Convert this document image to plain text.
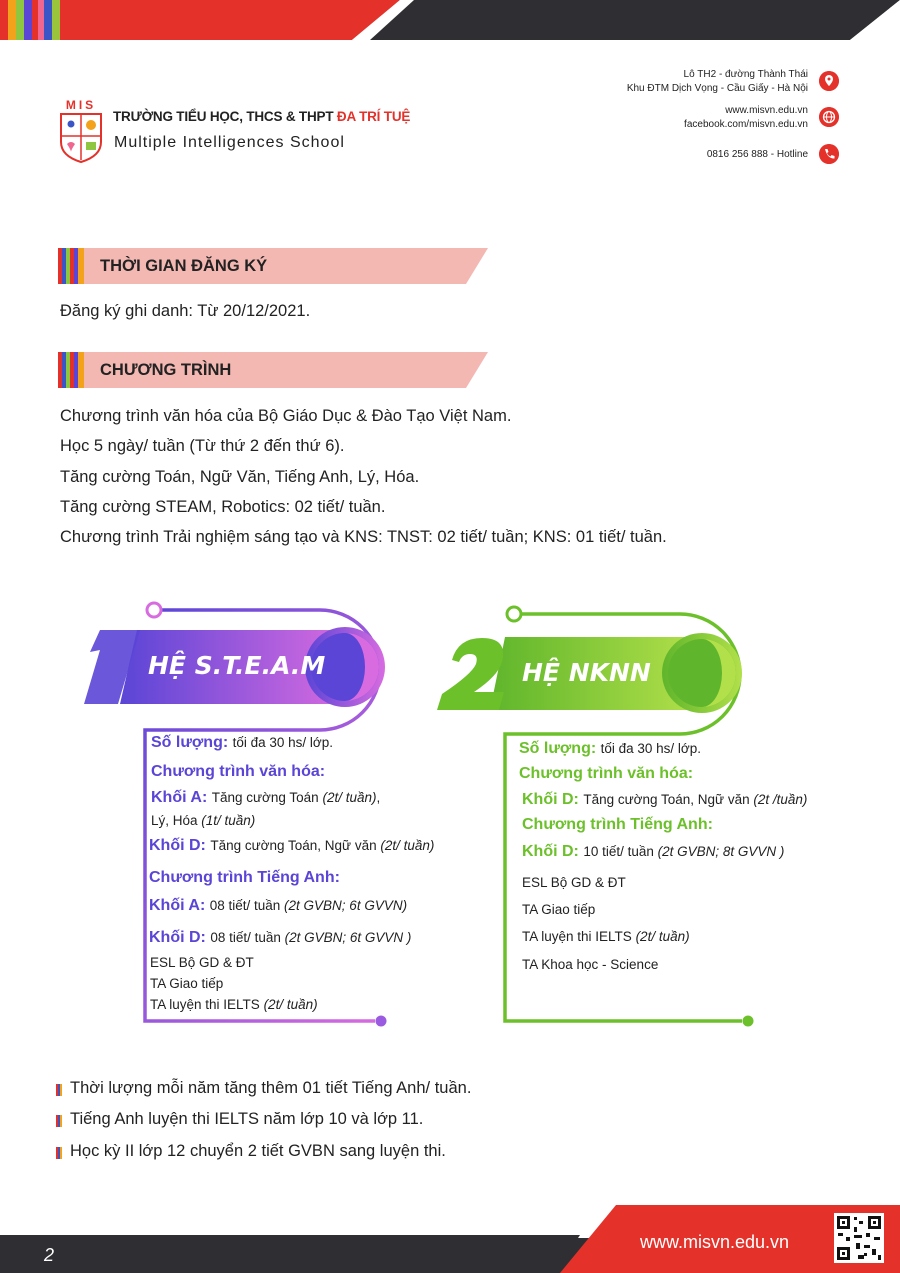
MIS
TRƯỜNG TIỂU HỌC, THCS & THPT ĐA TRÍ TUỆ
Multiple Intelligences School
Lô TH2 - đường Thành Thái
Khu ĐTM Dịch Vọng - Cầu Giấy - Hà Nội
www.misvn.edu.vn
facebook.com/misvn.edu.vn
0816 256 888 - Hotline
THỜI GIAN ĐĂNG KÝ
Đăng ký ghi danh: Từ 20/12/2021.
CHƯƠNG TRÌNH
Chương trình văn hóa của Bộ Giáo Dục & Đào Tạo Việt Nam.
Học 5 ngày/ tuần (Từ thứ 2 đến thứ 6).
Tăng cường Toán, Ngữ Văn, Tiếng Anh, Lý, Hóa.
Tăng cường STEAM, Robotics: 02 tiết/ tuần.
Chương trình Trải nghiệm sáng tạo và KNS: TNST: 02 tiết/ tuần; KNS: 01 tiết/ tuần.
HỆ S.T.E.A.M	HỆ NKNN
Số lượng: tối đa 30 hs/ lớp.
Chương trình văn hóa:
Khối A: Tăng cường Toán (2t/ tuần),
Lý, Hóa (1t/ tuần)
Khối D: Tăng cường Toán, Ngữ văn (2t/ tuần)
Chương trình Tiếng Anh:
Khối A: 08 tiết/ tuần (2t GVBN; 6t GVVN)
Khối D: 08 tiết/ tuần (2t GVBN; 6t GVVN )
ESL Bộ GD & ĐT
TA Giao tiếp
TA luyện thi IELTS (2t/ tuần)
Số lượng: tối đa 30 hs/ lớp.
Chương trình văn hóa:
Khối D: Tăng cường Toán, Ngữ văn (2t /tuần)
Chương trình Tiếng Anh:
Khối D: 10 tiết/ tuần (2t GVBN; 8t GVVN )
ESL Bộ GD & ĐT
TA Giao tiếp
TA luyện thi IELTS (2t/ tuần)
TA Khoa học - Science
Thời lượng mỗi năm tăng thêm 01 tiết Tiếng Anh/ tuần.
Tiếng Anh luyện thi IELTS năm lớp 10 và lớp 11.
Học kỳ II lớp 12 chuyển 2 tiết GVBN sang luyện thi.
2
www.misvn.edu.vn
